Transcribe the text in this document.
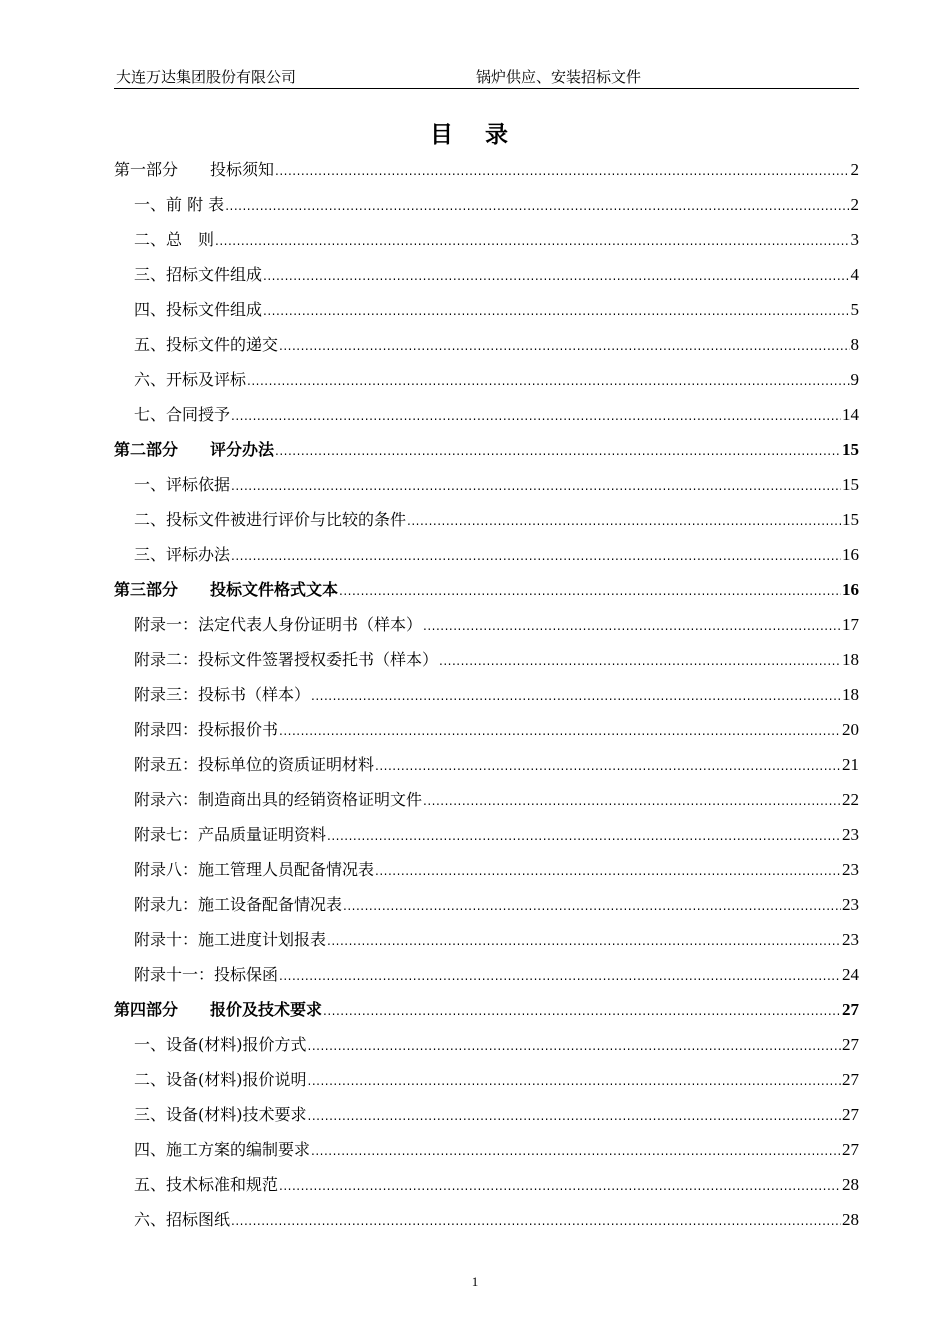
大连万达集团股份有限公司	锅炉供应、安装招标文件
目 录
第一部分 投标须知 .....	2
一、前 附 表 .....	2
二、总　则 .....	3
三、招标文件组成 .....	4
四、投标文件组成 .....	5
五、投标文件的递交 .....	8
六、开标及评标 .....	9
七、合同授予 .....	14
第二部分 评分办法 .....	15
一、评标依据 .....	15
二、投标文件被进行评价与比较的条件 .....	15
三、评标办法 .....	16
第三部分 投标文件格式文本 .....	16
附录一：法定代表人身份证明书（样本） .....	17
附录二：投标文件签署授权委托书（样本） .....	18
附录三：投标书（样本） .....	18
附录四：投标报价书 .....	20
附录五：投标单位的资质证明材料 .....	21
附录六：制造商出具的经销资格证明文件 .....	22
附录七：产品质量证明资料 .....	23
附录八：施工管理人员配备情况表 .....	23
附录九：施工设备配备情况表 .....	23
附录十：施工进度计划报表 .....	23
附录十一：投标保函 .....	24
第四部分 报价及技术要求 .....	27
一、设备(材料)报价方式 .....	27
二、设备(材料)报价说明 .....	27
三、设备(材料)技术要求 .....	27
四、施工方案的编制要求 .....	27
五、技术标准和规范 .....	28
六、招标图纸 .....	28
1
